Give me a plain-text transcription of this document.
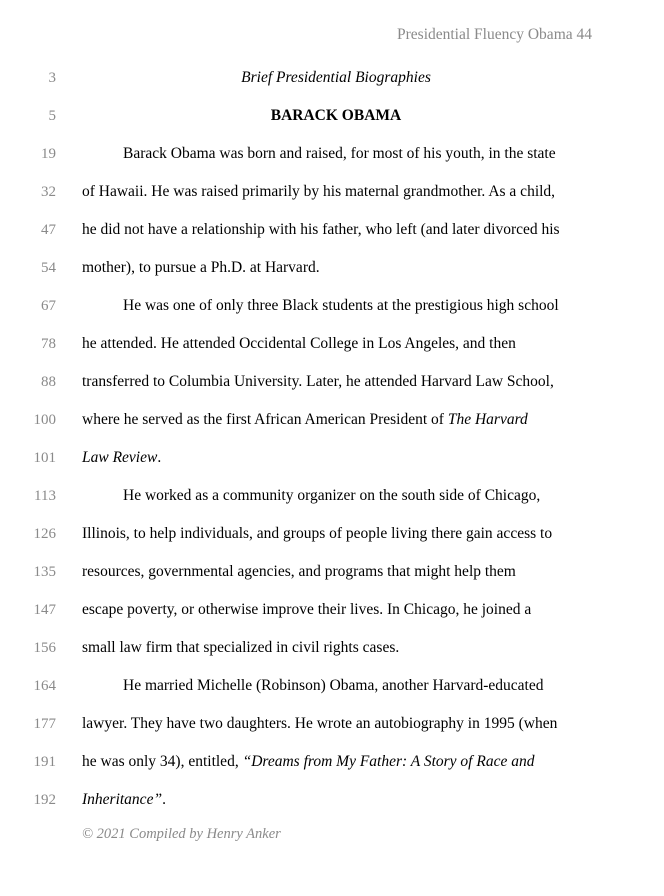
Presidential Fluency Obama 44
3	Brief Presidential Biographies
5	BARACK OBAMA
19	Barack Obama was born and raised, for most of his youth, in the state
32 of Hawaii. He was raised primarily by his maternal grandmother. As a child,
47 he did not have a relationship with his father, who left (and later divorced his
54 mother), to pursue a Ph.D. at Harvard.
67	He was one of only three Black students at the prestigious high school
78 he attended. He attended Occidental College in Los Angeles, and then
88 transferred to Columbia University. Later, he attended Harvard Law School,
100 where he served as the first African American President of The Harvard
101 Law Review.
113	He worked as a community organizer on the south side of Chicago,
126 Illinois, to help individuals, and groups of people living there gain access to
135 resources, governmental agencies, and programs that might help them
147 escape poverty, or otherwise improve their lives. In Chicago, he joined a
156 small law firm that specialized in civil rights cases.
164	He married Michelle (Robinson) Obama, another Harvard-educated
177 lawyer. They have two daughters. He wrote an autobiography in 1995 (when
191 he was only 34), entitled, “Dreams from My Father: A Story of Race and
192 Inheritance”.
© 2021 Compiled by Henry Anker
